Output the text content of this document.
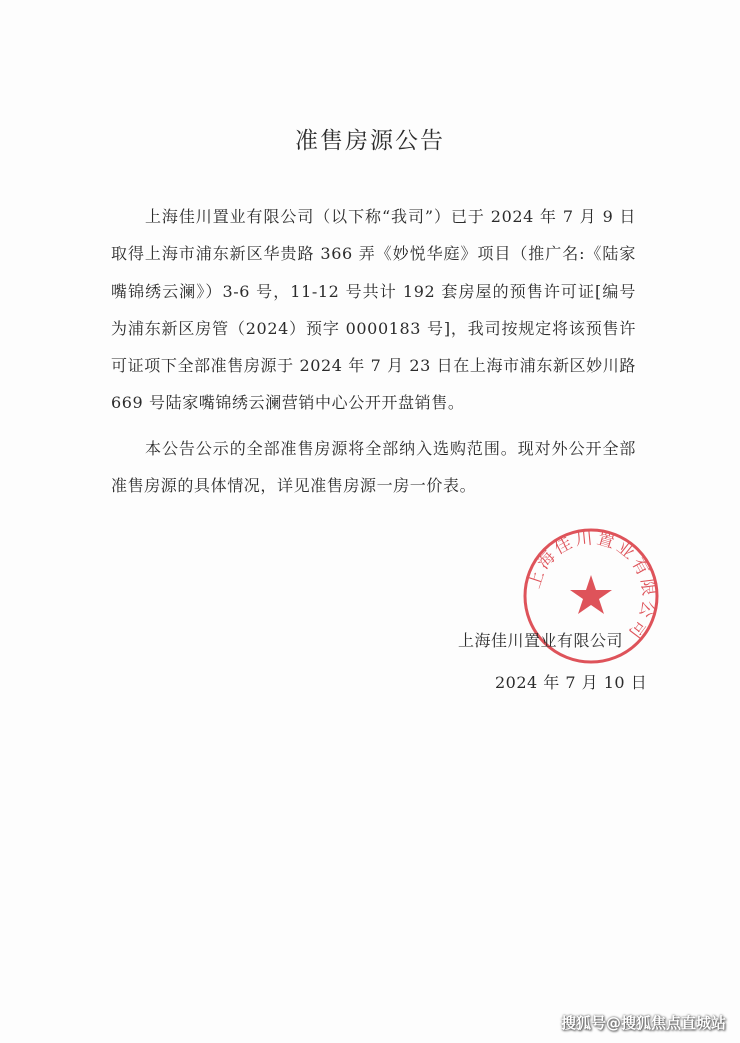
准售房源公告
上海佳川置业有限公司（以下称“我司”）已于 2024 年 7 月 9 日取得上海市浦东新区华贵路 366 弄《妙悦华庭》项目（推广名:《陆家嘴锦绣云澜》）3-6 号，11-12 号共计 192 套房屋的预售许可证[编号为浦东新区房管（2024）预字 0000183 号]，我司按规定将该预售许可证项下全部准售房源于 2024 年 7 月 23 日在上海市浦东新区妙川路 669 号陆家嘴锦绣云澜营销中心公开开盘销售。
本公告公示的全部准售房源将全部纳入选购范围。现对外公开全部准售房源的具体情况，详见准售房源一房一价表。
上海佳川置业有限公司
上海佳川置业有限公司
2024 年 7 月 10 日
搜狐号@搜狐焦点直城站
